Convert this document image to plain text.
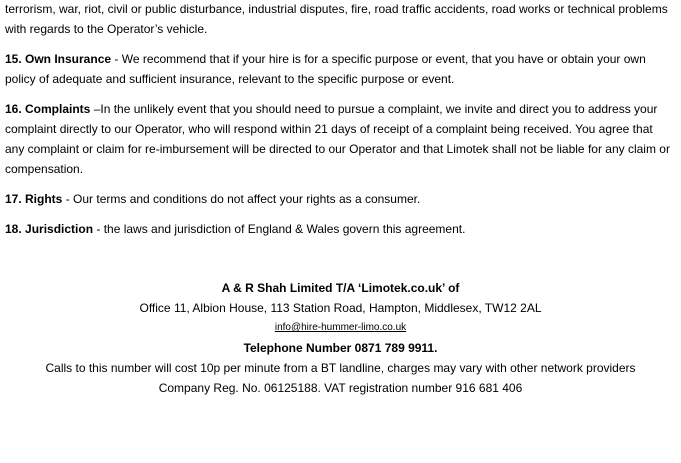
terrorism, war, riot, civil or public disturbance, industrial disputes, fire, road traffic accidents, road works or technical problems with regards to the Operator’s vehicle.

15. Own Insurance - We recommend that if your hire is for a specific purpose or event, that you have or obtain your own policy of adequate and sufficient insurance, relevant to the specific purpose or event.

16. Complaints –In the unlikely event that you should need to pursue a complaint, we invite and direct you to address your complaint directly to our Operator, who will respond within 21 days of receipt of a complaint being received. You agree that any complaint or claim for re-imbursement will be directed to our Operator and that Limotek shall not be liable for any claim or compensation.

17. Rights - Our terms and conditions do not affect your rights as a consumer.

18. Jurisdiction - the laws and jurisdiction of England & Wales govern this agreement.

A & R Shah Limited T/A ‘Limotek.co.uk’ of

Office 11, Albion House, 113 Station Road, Hampton, Middlesex, TW12 2AL

info@hire-hummer-limo.co.uk

Telephone Number 0871 789 9911.

Calls to this number will cost 10p per minute from a BT landline, charges may vary with other network providers

Company Reg. No. 06125188. VAT registration number 916 681 406
